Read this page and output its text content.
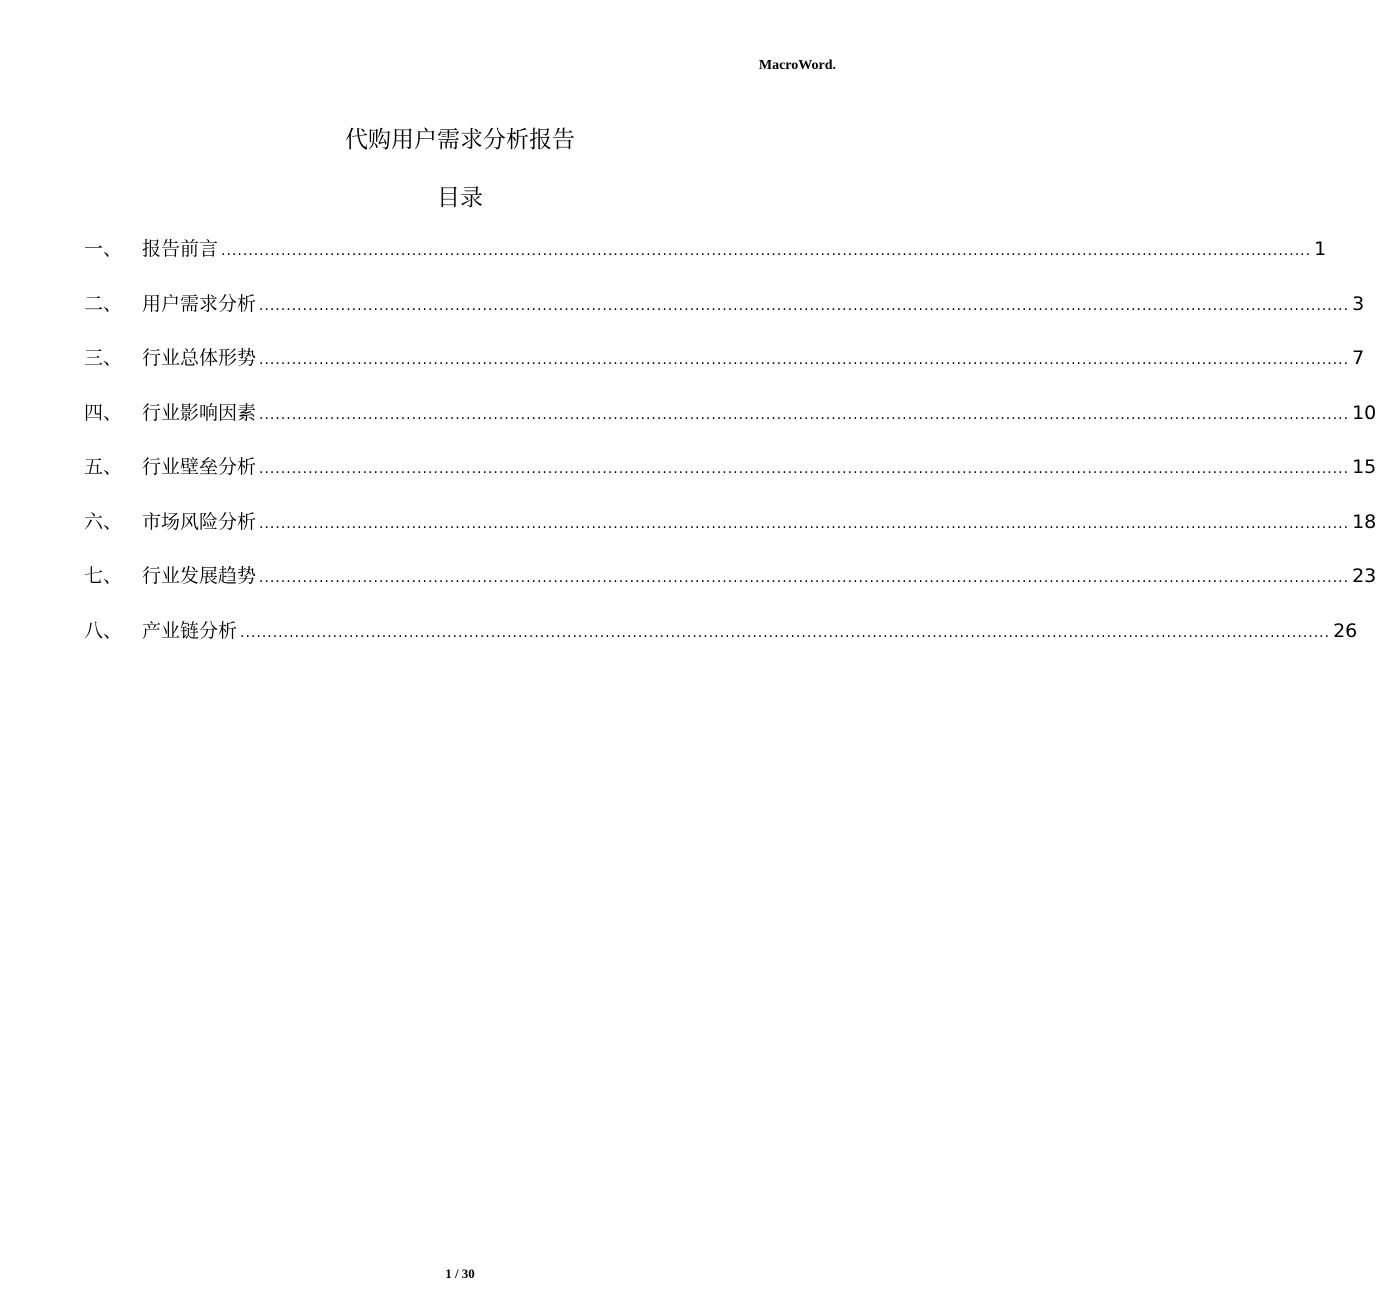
MacroWord.
代购用户需求分析报告
目录
一、	报告前言 ........................................................................................................................................................................................................ 1
二、	用户需求分析 ........................................................................................................................................................................................................ 3
三、	行业总体形势 ........................................................................................................................................................................................................ 7
四、	行业影响因素 ........................................................................................................................................................................................................ 10
五、	行业壁垒分析 ........................................................................................................................................................................................................ 15
六、	市场风险分析 ........................................................................................................................................................................................................ 18
七、	行业发展趋势 ........................................................................................................................................................................................................ 23
八、	产业链分析 ........................................................................................................................................................................................................ 26
1 / 30
